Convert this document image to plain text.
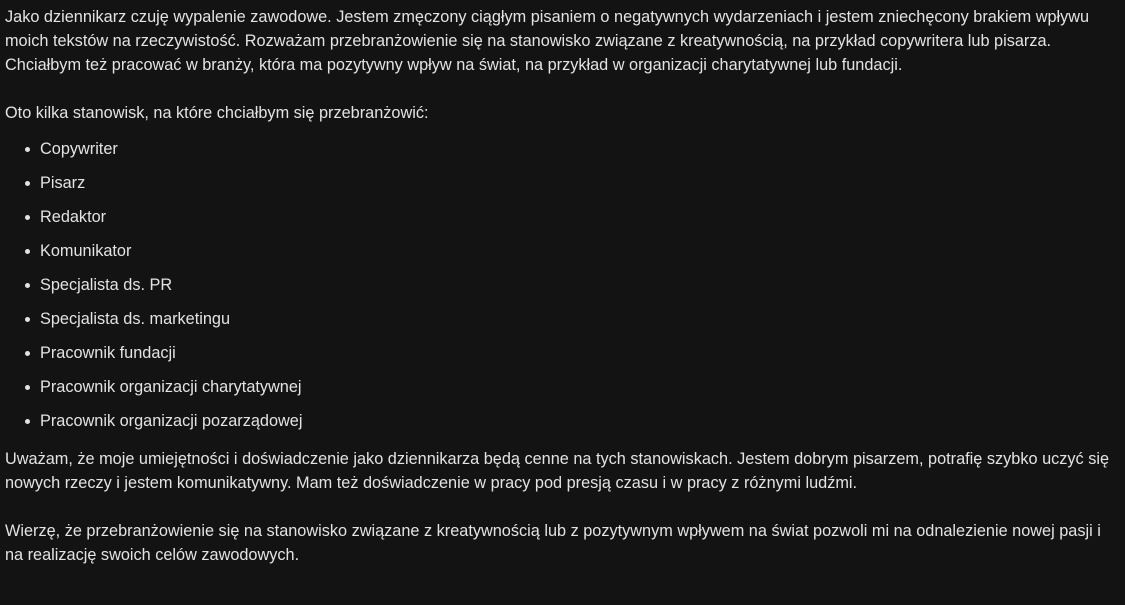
Jako dziennikarz czuję wypalenie zawodowe. Jestem zmęczony ciągłym pisaniem o negatywnych wydarzeniach i jestem zniechęcony brakiem wpływu moich tekstów na rzeczywistość. Rozważam przebranżowienie się na stanowisko związane z kreatywnością, na przykład copywritera lub pisarza. Chciałbym też pracować w branży, która ma pozytywny wpływ na świat, na przykład w organizacji charytatywnej lub fundacji.

Oto kilka stanowisk, na które chciałbym się przebranżowić:

Copywriter
Pisarz
Redaktor
Komunikator
Specjalista ds. PR
Specjalista ds. marketingu
Pracownik fundacji
Pracownik organizacji charytatywnej
Pracownik organizacji pozarządowej

Uważam, że moje umiejętności i doświadczenie jako dziennikarza będą cenne na tych stanowiskach. Jestem dobrym pisarzem, potrafię szybko uczyć się nowych rzeczy i jestem komunikatywny. Mam też doświadczenie w pracy pod presją czasu i w pracy z różnymi ludźmi.

Wierzę, że przebranżowienie się na stanowisko związane z kreatywnością lub z pozytywnym wpływem na świat pozwoli mi na odnalezienie nowej pasji i na realizację swoich celów zawodowych.
